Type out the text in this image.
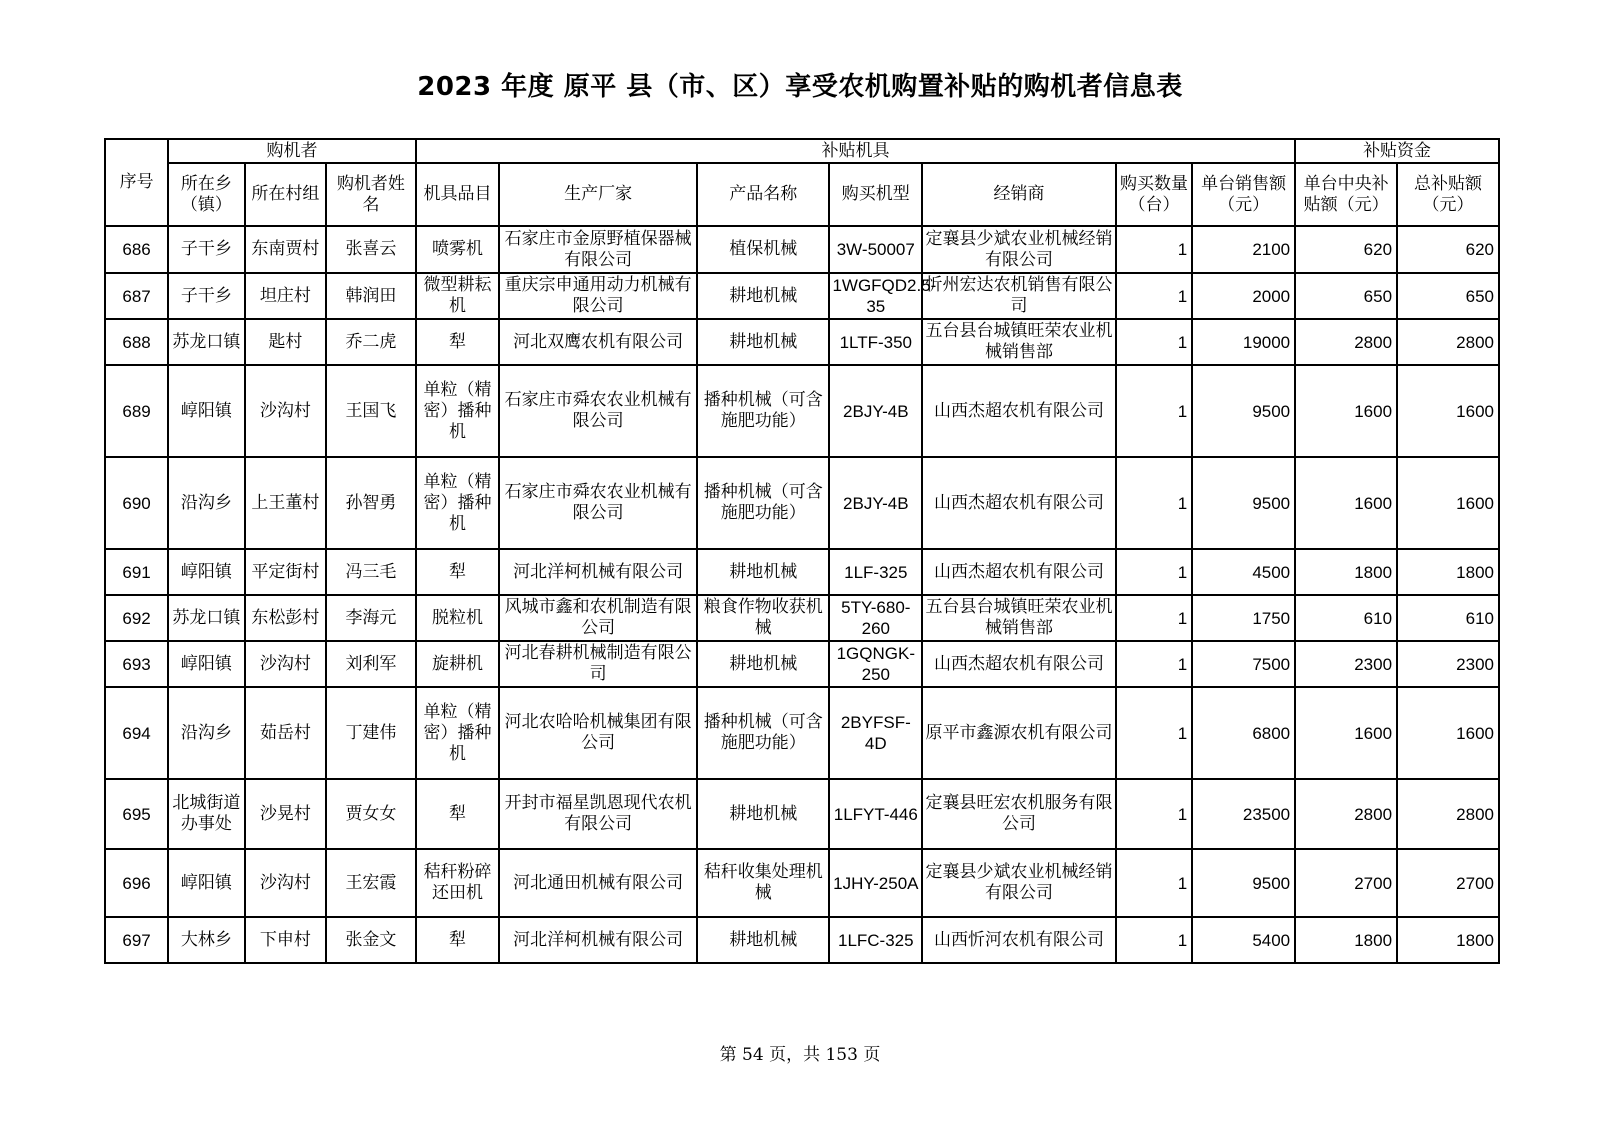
2023 年度 原平 县（市、区）享受农机购置补贴的购机者信息表
序号	购机者			补贴机具							补贴资金	
	所在乡（镇）	所在村组	购机者姓名	机具品目	生产厂家	产品名称	购买机型	经销商	购买数量（台）	单台销售额（元）	单台中央补贴额（元）	总补贴额（元）
686	子干乡	东南贾村	张喜云	喷雾机	石家庄市金原野植保器械有限公司	植保机械	3W-50007	定襄县少斌农业机械经销有限公司	1	2100	620	620
687	子干乡	坦庄村	韩润田	微型耕耘机	重庆宗申通用动力机械有限公司	耕地机械	1WGFQD2.5-35	忻州宏达农机销售有限公司	1	2000	650	650
688	苏龙口镇	匙村	乔二虎	犁	河北双鹰农机有限公司	耕地机械	1LTF-350	五台县台城镇旺荣农业机械销售部	1	19000	2800	2800
689	崞阳镇	沙沟村	王国飞	单粒（精密）播种机	石家庄市舜农农业机械有限公司	播种机械（可含施肥功能）	2BJY-4B	山西杰超农机有限公司	1	9500	1600	1600
690	沿沟乡	上王董村	孙智勇	单粒（精密）播种机	石家庄市舜农农业机械有限公司	播种机械（可含施肥功能）	2BJY-4B	山西杰超农机有限公司	1	9500	1600	1600
691	崞阳镇	平定街村	冯三毛	犁	河北洋柯机械有限公司	耕地机械	1LF-325	山西杰超农机有限公司	1	4500	1800	1800
692	苏龙口镇	东松彭村	李海元	脱粒机	风城市鑫和农机制造有限公司	粮食作物收获机械	5TY-680-260	五台县台城镇旺荣农业机械销售部	1	1750	610	610
693	崞阳镇	沙沟村	刘利军	旋耕机	河北春耕机械制造有限公司	耕地机械	1GQNGK-250	山西杰超农机有限公司	1	7500	2300	2300
694	沿沟乡	茹岳村	丁建伟	单粒（精密）播种机	河北农哈哈机械集团有限公司	播种机械（可含施肥功能）	2BYFSF-4D	原平市鑫源农机有限公司	1	6800	1600	1600
695	北城街道办事处	沙晃村	贾女女	犁	开封市福星凯恩现代农机有限公司	耕地机械	1LFYT-446	定襄县旺宏农机服务有限公司	1	23500	2800	2800
696	崞阳镇	沙沟村	王宏霞	秸秆粉碎还田机	河北通田机械有限公司	秸秆收集处理机械	1JHY-250A	定襄县少斌农业机械经销有限公司	1	9500	2700	2700
697	大林乡	下申村	张金文	犁	河北洋柯机械有限公司	耕地机械	1LFC-325	山西忻河农机有限公司	1	5400	1800	1800
第 54 页，共 153 页
